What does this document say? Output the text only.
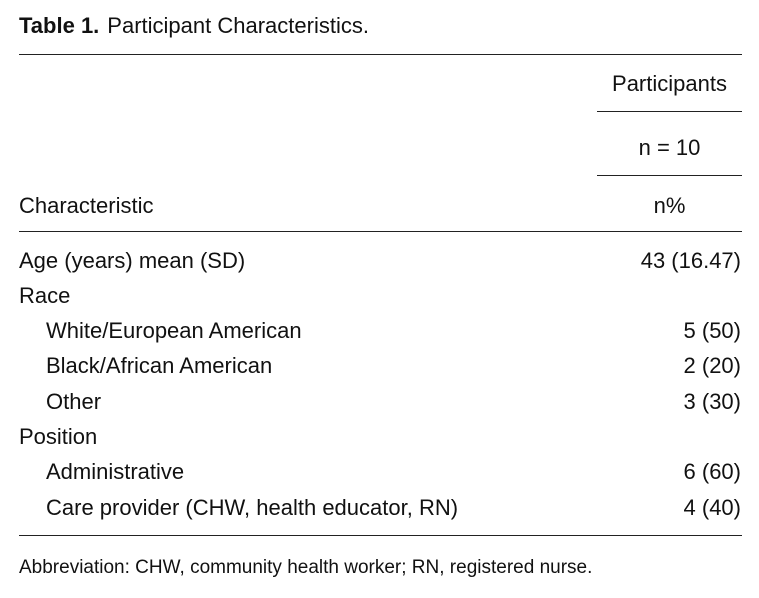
Table 1. Participant Characteristics.
Participants
n = 10
Characteristic	n%
Age (years) mean (SD)	43 (16.47)
Race
White/European American	5 (50)
Black/African American	2 (20)
Other	3 (30)
Position
Administrative	6 (60)
Care provider (CHW, health educator, RN)	4 (40)
Abbreviation: CHW, community health worker; RN, registered nurse.
